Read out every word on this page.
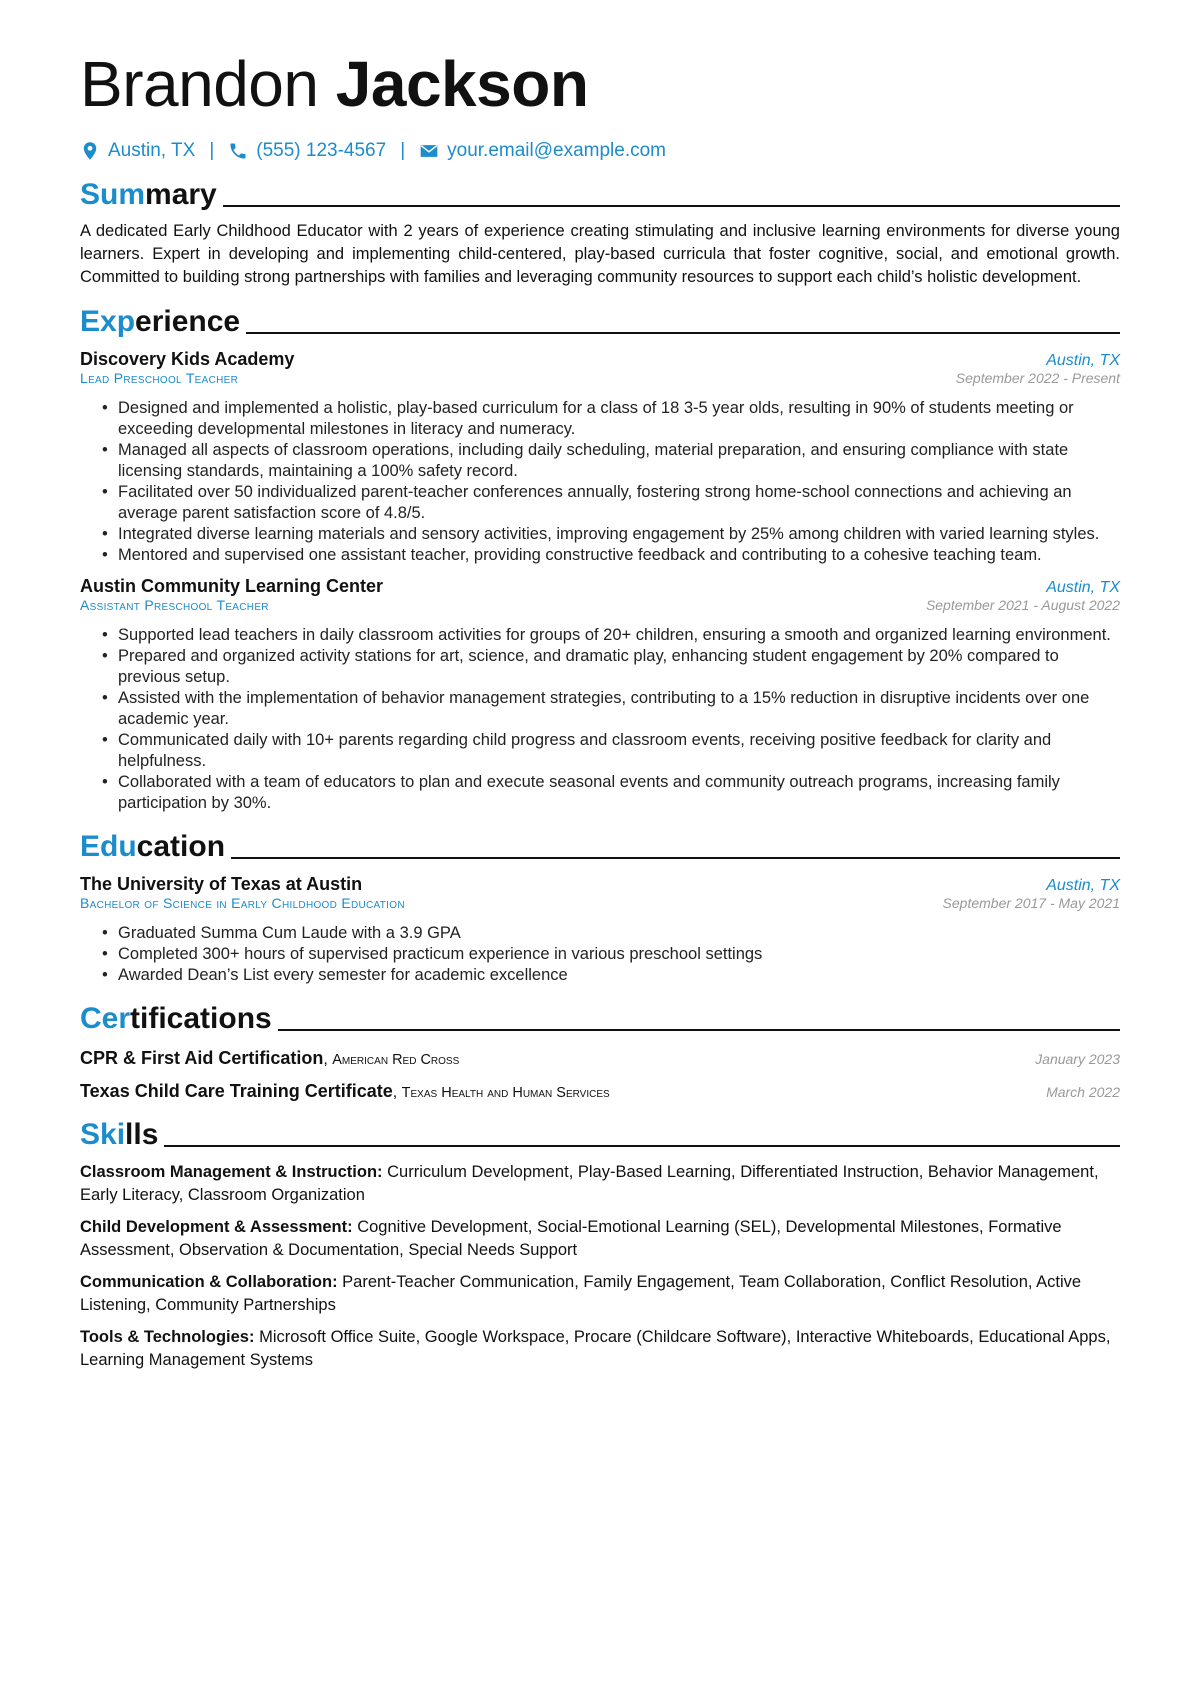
Brandon Jackson
Austin, TX | (555) 123-4567 | your.email@example.com
Summary

A dedicated Early Childhood Educator with 2 years of experience creating stimulating and inclusive learning environments for diverse young learners. Expert in developing and implementing child-centered, play-based curricula that foster cognitive, social, and emotional growth. Committed to building strong partnerships with families and leveraging community resources to support each child’s holistic development.

Experience
Discovery Kids Academy	Austin, TX
Lead Preschool Teacher	September 2022 - Present
• Designed and implemented a holistic, play-based curriculum for a class of 18 3-5 year olds, resulting in 90% of students meeting or exceeding developmental milestones in literacy and numeracy.
• Managed all aspects of classroom operations, including daily scheduling, material preparation, and ensuring compliance with state licensing standards, maintaining a 100% safety record.
• Facilitated over 50 individualized parent-teacher conferences annually, fostering strong home-school connections and achieving an average parent satisfaction score of 4.8/5.
• Integrated diverse learning materials and sensory activities, improving engagement by 25% among children with varied learning styles.
• Mentored and supervised one assistant teacher, providing constructive feedback and contributing to a cohesive teaching team.
Austin Community Learning Center	Austin, TX
Assistant Preschool Teacher	September 2021 - August 2022
• Supported lead teachers in daily classroom activities for groups of 20+ children, ensuring a smooth and organized learning environment.
• Prepared and organized activity stations for art, science, and dramatic play, enhancing student engagement by 20% compared to previous setup.
• Assisted with the implementation of behavior management strategies, contributing to a 15% reduction in disruptive incidents over one academic year.
• Communicated daily with 10+ parents regarding child progress and classroom events, receiving positive feedback for clarity and helpfulness.
• Collaborated with a team of educators to plan and execute seasonal events and community outreach programs, increasing family participation by 30%.
Education
The University of Texas at Austin	Austin, TX
Bachelor of Science in Early Childhood Education	September 2017 - May 2021
• Graduated Summa Cum Laude with a 3.9 GPA
• Completed 300+ hours of supervised practicum experience in various preschool settings
• Awarded Dean’s List every semester for academic excellence
Certifications
CPR & First Aid Certification, American Red Cross	January 2023
Texas Child Care Training Certificate, Texas Health and Human Services	March 2022
Skills
Classroom Management & Instruction: Curriculum Development, Play-Based Learning, Differentiated Instruction, Behavior Management, Early Literacy, Classroom Organization
Child Development & Assessment: Cognitive Development, Social-Emotional Learning (SEL), Developmental Milestones, Formative Assessment, Observation & Documentation, Special Needs Support
Communication & Collaboration: Parent-Teacher Communication, Family Engagement, Team Collaboration, Conflict Resolution, Active Listening, Community Partnerships
Tools & Technologies: Microsoft Office Suite, Google Workspace, Procare (Childcare Software), Interactive Whiteboards, Educational Apps, Learning Management Systems
